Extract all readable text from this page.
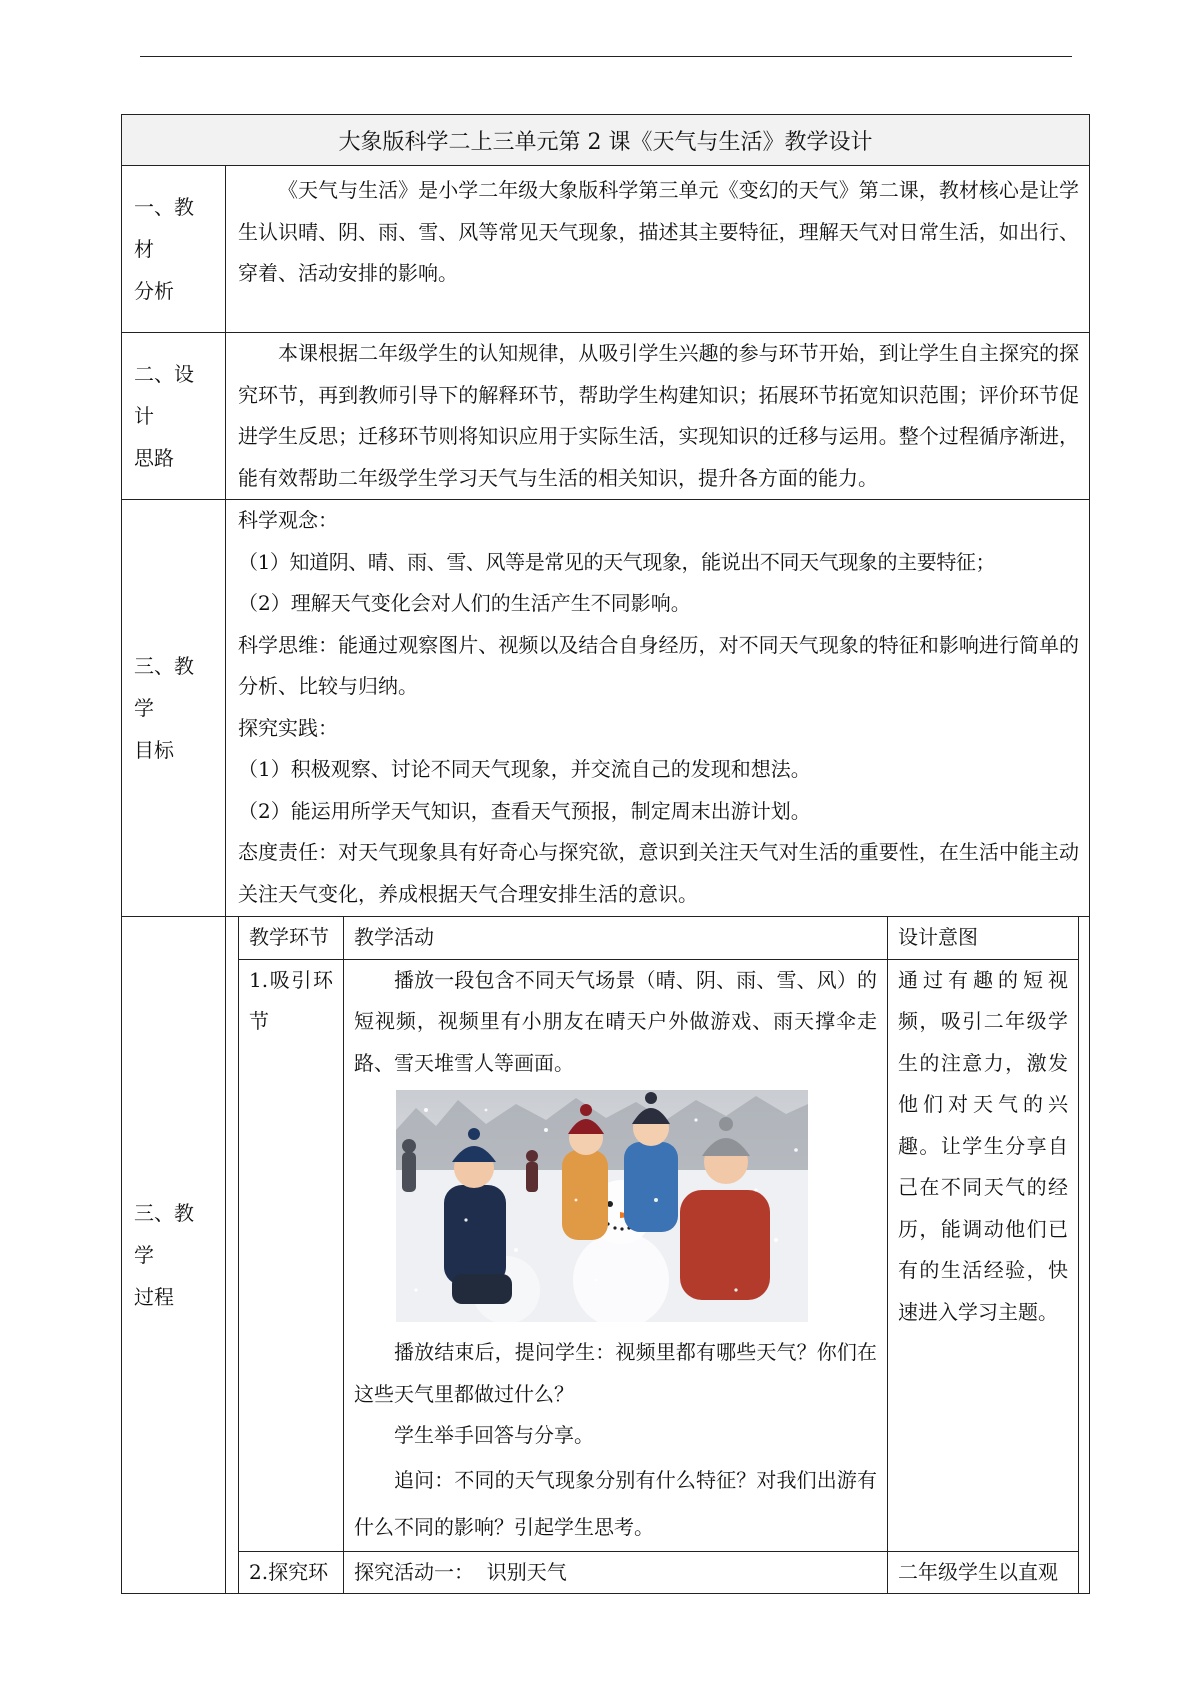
大象版科学二上三单元第 2 课《天气与生活》教学设计
一、教材
分析

《天气与生活》是小学二年级大象版科学第三单元《变幻的天气》第二课，教材核心是让学生认识晴、阴、雨、雪、风等常见天气现象，描述其主要特征，理解天气对日常生活，如出行、穿着、活动安排的影响。

二、设计
思路

本课根据二年级学生的认知规律，从吸引学生兴趣的参与环节开始，到让学生自主探究的探究环节，再到教师引导下的解释环节，帮助学生构建知识；拓展环节拓宽知识范围；评价环节促进学生反思；迁移环节则将知识应用于实际生活，实现知识的迁移与运用。整个过程循序渐进，能有效帮助二年级学生学习天气与生活的相关知识，提升各方面的能力。

三、教学
目标

科学观念：

（1）知道阴、晴、雨、雪、风等是常见的天气现象，能说出不同天气现象的主要特征；

（2）理解天气变化会对人们的生活产生不同影响。

科学思维：能通过观察图片、视频以及结合自身经历，对不同天气现象的特征和影响进行简单的分析、比较与归纳。

探究实践：

（1）积极观察、讨论不同天气现象，并交流自己的发现和想法。

（2）能运用所学天气知识，查看天气预报，制定周末出游计划。

态度责任：对天气现象具有好奇心与探究欲，意识到关注天气对生活的重要性，在生活中能主动关注天气变化，养成根据天气合理安排生活的意识。

三、教学
过程
教学环节	教学活动	设计意图
1.吸引环节	播放一段包含不同天气场景（晴、阴、雨、雪、风）的短视频，视频里有小朋友在晴天户外做游戏、雨天撑伞走路、雪天堆雪人等画面。

播放结束后，提问学生：视频里都有哪些天气？你们在这些天气里都做过什么？

学生举手回答与分享。

追问：不同的天气现象分别有什么特征？对我们出游有什么不同的影响？引起学生思考。	通过有趣的短视频，吸引二年级学生的注意力，激发他们对天气的兴趣。让学生分享自己在不同天气的经历，能调动他们已有的生活经验，快速进入学习主题。
2.探究环	探究活动一：  识别天气	二年级学生以直观
